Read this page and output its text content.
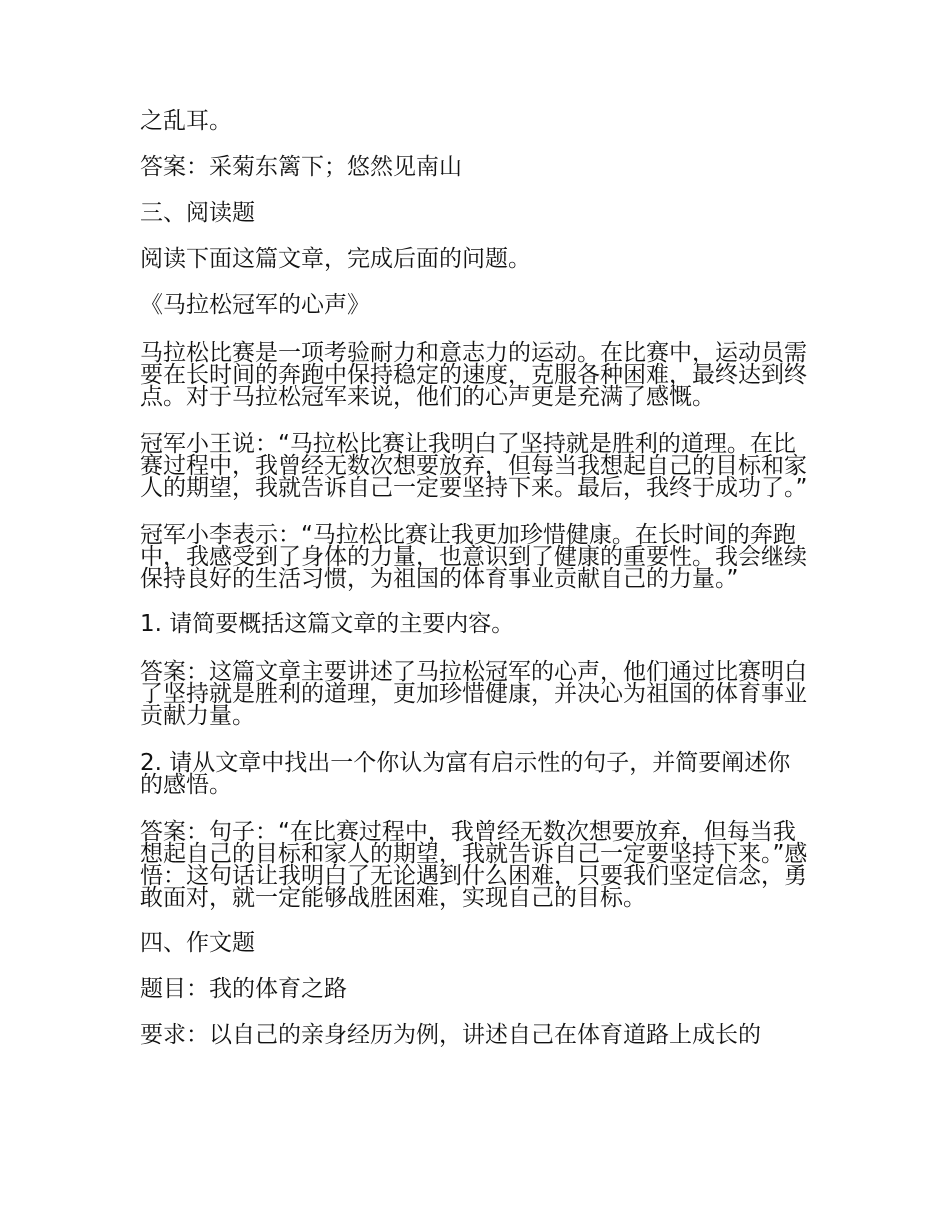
之乱耳。

答案：采菊东篱下；悠然见南山

三、阅读题

阅读下面这篇文章，完成后面的问题。

《马拉松冠军的心声》

马拉松比赛是一项考验耐力和意志力的运动。在比赛中，运动员需要在长时间的奔跑中保持稳定的速度，克服各种困难，最终达到终点。对于马拉松冠军来说，他们的心声更是充满了感慨。

冠军小王说：“马拉松比赛让我明白了坚持就是胜利的道理。在比赛过程中，我曾经无数次想要放弃，但每当我想起自己的目标和家人的期望，我就告诉自己一定要坚持下来。最后，我终于成功了。”

冠军小李表示：“马拉松比赛让我更加珍惜健康。在长时间的奔跑中，我感受到了身体的力量，也意识到了健康的重要性。我会继续保持良好的生活习惯，为祖国的体育事业贡献自己的力量。”

1. 请简要概括这篇文章的主要内容。

答案：这篇文章主要讲述了马拉松冠军的心声，他们通过比赛明白了坚持就是胜利的道理，更加珍惜健康，并决心为祖国的体育事业贡献力量。

2. 请从文章中找出一个你认为富有启示性的句子，并简要阐述你的感悟。

答案：句子：“在比赛过程中，我曾经无数次想要放弃，但每当我想起自己的目标和家人的期望，我就告诉自己一定要坚持下来。”感悟：这句话让我明白了无论遇到什么困难，只要我们坚定信念，勇敢面对，就一定能够战胜困难，实现自己的目标。

四、作文题

题目：我的体育之路

要求：以自己的亲身经历为例，讲述自己在体育道路上成长的
